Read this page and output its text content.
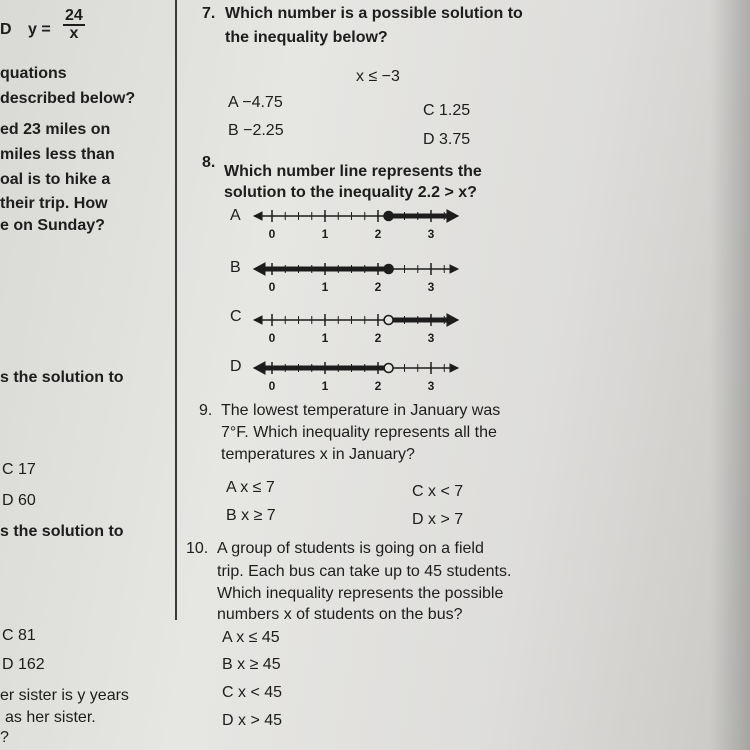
D $y = \frac{24}{x}$
quations
described below?
ed 23 miles on
miles less than
oal is to hike a
their trip. How
e on Sunday?
s the solution to
C 17
D 60
s the solution to
C 81
D 162
er sister is y years
as her sister.
?
7. Which number is a possible solution to
the inequality below?
x ≤ −3
A −4.75
B −2.25
C 1.25
D 3.75
8.
Which number line represents the
solution to the inequality 2.2 > x?
A
B
C
D
0	1	2	3
0	1	2	3
0	1	2	3
0	1	2	3
9. The lowest temperature in January was
7°F. Which inequality represents all the
temperatures x in January?
A x ≤ 7
B x ≥ 7
C x < 7
D x > 7
10. A group of students is going on a field
trip. Each bus can take up to 45 students.
Which inequality represents the possible
numbers x of students on the bus?
A x ≤ 45
B x ≥ 45
C x < 45
D x > 45
